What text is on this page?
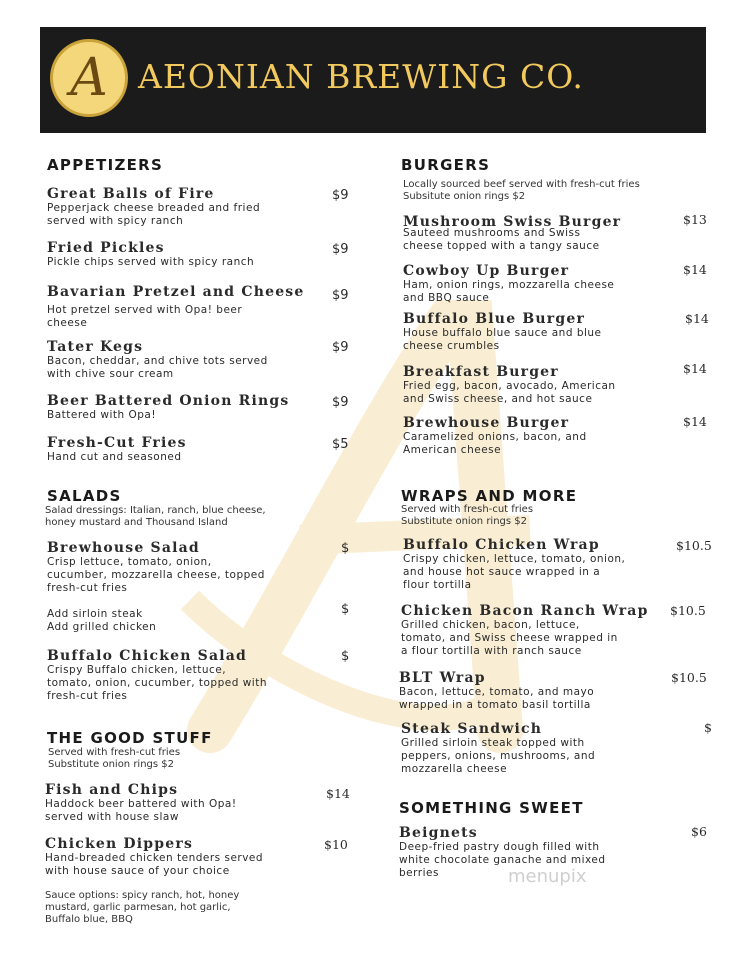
A AEONIAN BREWING CO.
APPETIZERS
Great Balls of Fire
Pepperjack cheese breaded and fried
served with spicy ranch
$9
Fried Pickles
Pickle chips served with spicy ranch
$9
Bavarian Pretzel and Cheese
Hot pretzel served with Opa! beer
cheese
$9
Tater Kegs
Bacon, cheddar, and chive tots served
with chive sour cream
$9
Beer Battered Onion Rings
Battered with Opa!
$9
Fresh-Cut Fries
Hand cut and seasoned
$5
SALADS
Salad dressings: Italian, ranch, blue cheese,
honey mustard and Thousand Island
Brewhouse Salad
Crisp lettuce, tomato, onion,
cucumber, mozzarella cheese, topped
fresh-cut fries
$
Add sirloin steak
Add grilled chicken
$
Buffalo Chicken Salad
Crispy Buffalo chicken, lettuce,
tomato, onion, cucumber, topped with
fresh-cut fries
$
THE GOOD STUFF
Served with fresh-cut fries
Substitute onion rings $2
Fish and Chips
Haddock beer battered with Opa!
served with house slaw
$14
Chicken Dippers
Hand-breaded chicken tenders served
with house sauce of your choice
$10
Sauce options: spicy ranch, hot, honey
mustard, garlic parmesan, hot garlic,
Buffalo blue, BBQ
BURGERS
Locally sourced beef served with fresh-cut fries
Subsitute onion rings $2
Mushroom Swiss Burger
Sauteed mushrooms and Swiss
cheese topped with a tangy sauce
$13
Cowboy Up Burger
Ham, onion rings, mozzarella cheese
and BBQ sauce
$14
Buffalo Blue Burger
House buffalo blue sauce and blue
cheese crumbles
$14
Breakfast Burger
Fried egg, bacon, avocado, American
and Swiss cheese, and hot sauce
$14
Brewhouse Burger
Caramelized onions, bacon, and
American cheese
$14
WRAPS AND MORE
Served with fresh-cut fries
Substitute onion rings $2
Buffalo Chicken Wrap
Crispy chicken, lettuce, tomato, onion,
and house hot sauce wrapped in a
flour tortilla
$10.5
Chicken Bacon Ranch Wrap
Grilled chicken, bacon, lettuce,
tomato, and Swiss cheese wrapped in
a flour tortilla with ranch sauce
$10.5
BLT Wrap
Bacon, lettuce, tomato, and mayo
wrapped in a tomato basil tortilla
$10.5
Steak Sandwich
Grilled sirloin steak topped with
peppers, onions, mushrooms, and
mozzarella cheese
$
SOMETHING SWEET
Beignets
Deep-fried pastry dough filled with
white chocolate ganache and mixed
berries
$6
menupix
